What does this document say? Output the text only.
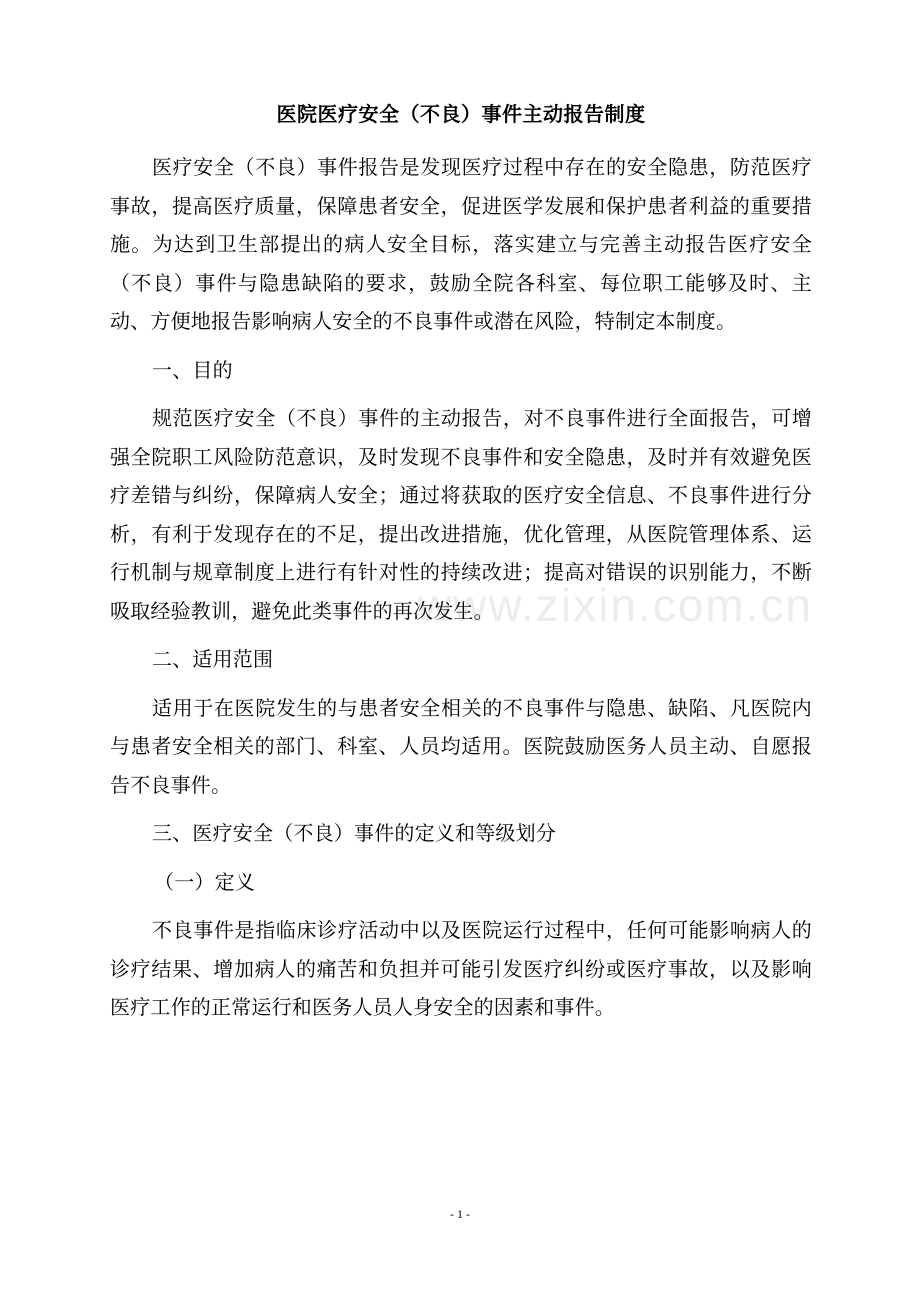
www.zixin.com.cn
医院医疗安全（不良）事件主动报告制度

医疗安全（不良）事件报告是发现医疗过程中存在的安全隐患，防范医疗事故，提高医疗质量，保障患者安全，促进医学发展和保护患者利益的重要措施。为达到卫生部提出的病人安全目标，落实建立与完善主动报告医疗安全（不良）事件与隐患缺陷的要求，鼓励全院各科室、每位职工能够及时、主动、方便地报告影响病人安全的不良事件或潜在风险，特制定本制度。

一、目的

规范医疗安全（不良）事件的主动报告，对不良事件进行全面报告，可增强全院职工风险防范意识，及时发现不良事件和安全隐患，及时并有效避免医疗差错与纠纷，保障病人安全；通过将获取的医疗安全信息、不良事件进行分析，有利于发现存在的不足，提出改进措施，优化管理，从医院管理体系、运行机制与规章制度上进行有针对性的持续改进；提高对错误的识别能力，不断吸取经验教训，避免此类事件的再次发生。

二、适用范围

适用于在医院发生的与患者安全相关的不良事件与隐患、缺陷、凡医院内与患者安全相关的部门、科室、人员均适用。医院鼓励医务人员主动、自愿报告不良事件。

三、医疗安全（不良）事件的定义和等级划分

（一）定义

不良事件是指临床诊疗活动中以及医院运行过程中，任何可能影响病人的诊疗结果、增加病人的痛苦和负担并可能引发医疗纠纷或医疗事故，以及影响医疗工作的正常运行和医务人员人身安全的因素和事件。

- 1 -
